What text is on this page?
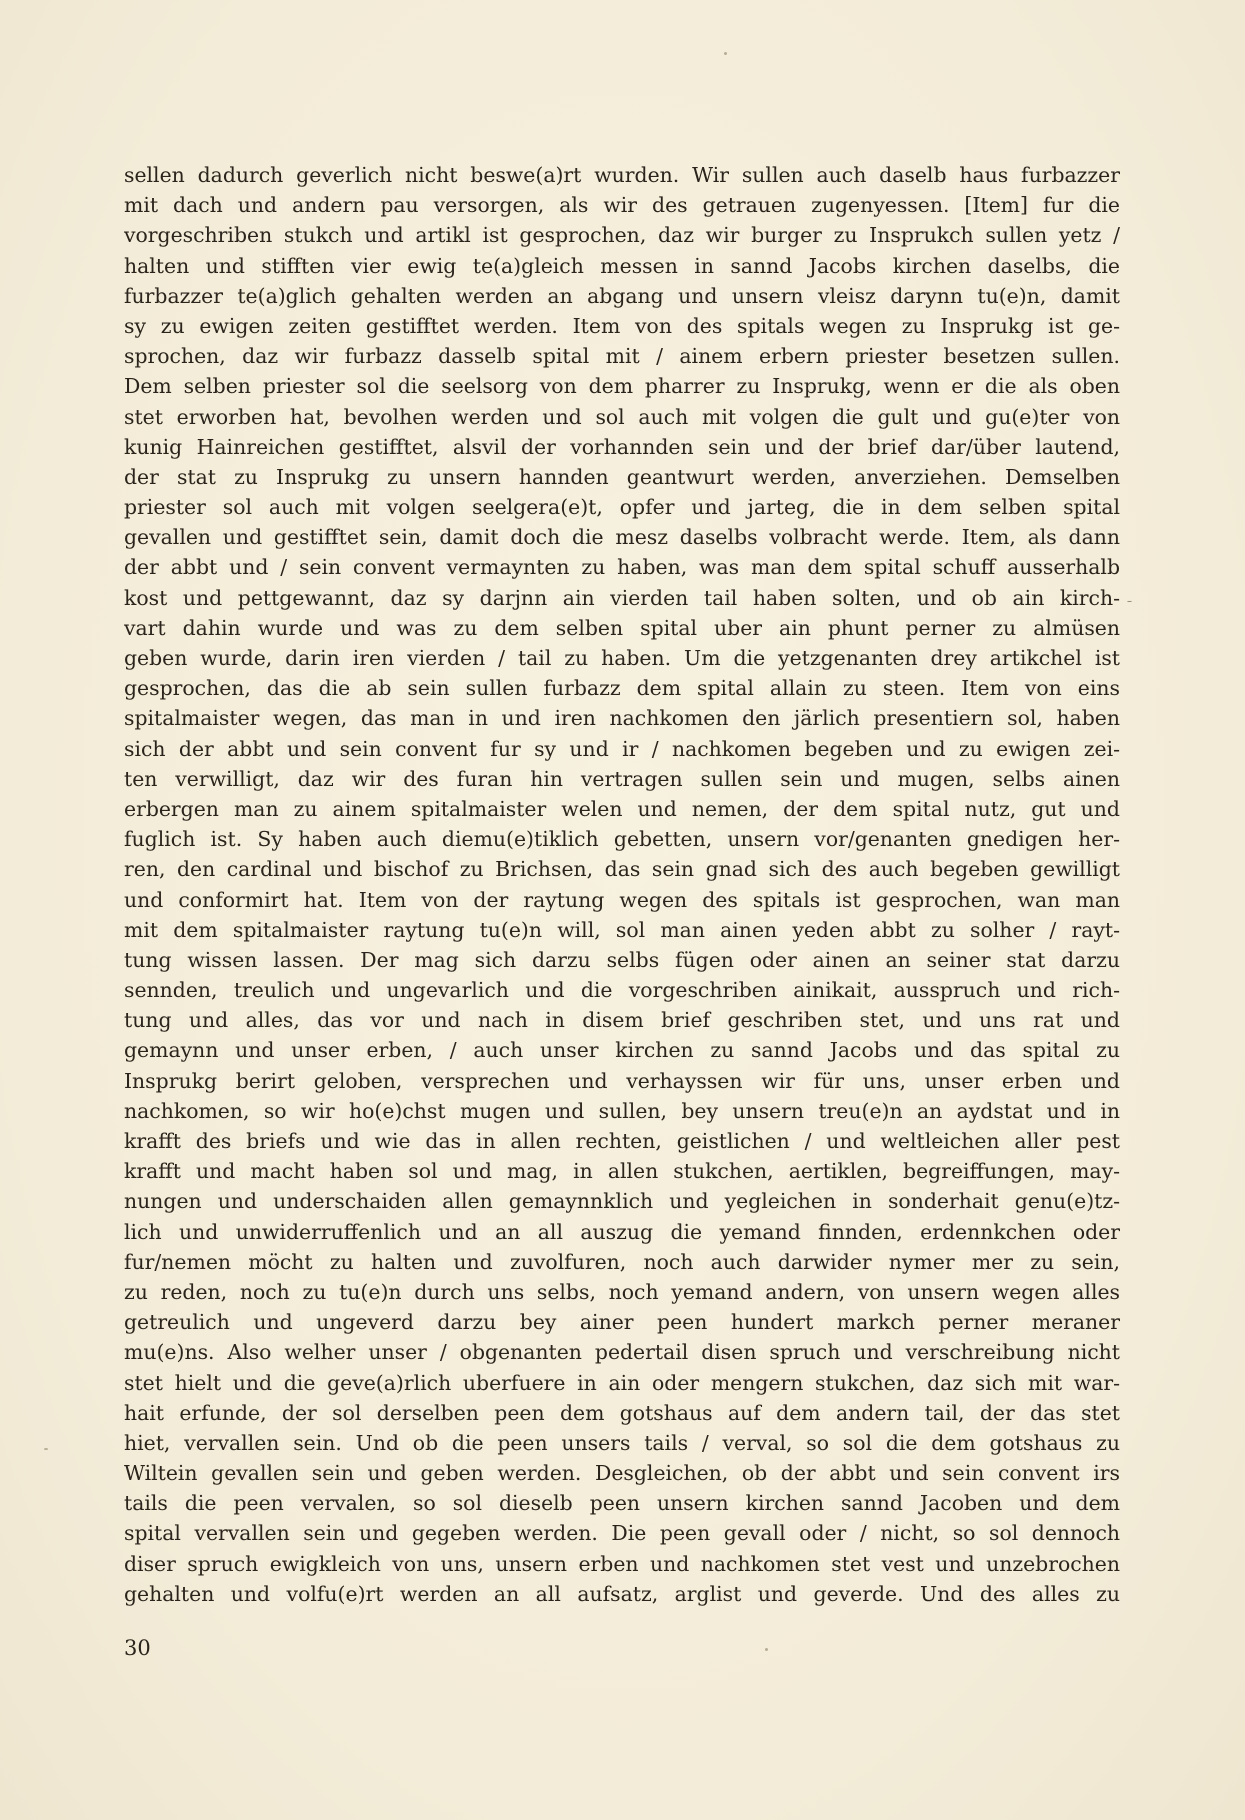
ˍ
sellen dadurch geverlich nicht beswe(a)rt wurden. Wir sullen auch daselb haus furbazzer
mit dach und andern pau versorgen, als wir des getrauen zugenyessen. [Item] fur die
vorgeschriben stukch und artikl ist gesprochen, daz wir burger zu Insprukch sullen yetz /
halten und stifften vier ewig te(a)gleich messen in sannd Jacobs kirchen daselbs, die
furbazzer te(a)glich gehalten werden an abgang und unsern vleisz darynn tu(e)n, damit
sy zu ewigen zeiten gestifftet werden. Item von des spitals wegen zu Insprukg ist ge-
sprochen, daz wir furbazz dasselb spital mit / ainem erbern priester besetzen sullen.
Dem selben priester sol die seelsorg von dem pharrer zu Insprukg, wenn er die als oben
stet erworben hat, bevolhen werden und sol auch mit volgen die gult und gu(e)ter von
kunig Hainreichen gestifftet, alsvil der vorhannden sein und der brief dar/über lautend,
der stat zu Insprukg zu unsern hannden geantwurt werden, anverziehen. Demselben
priester sol auch mit volgen seelgera(e)t, opfer und jarteg, die in dem selben spital
gevallen und gestifftet sein, damit doch die mesz daselbs volbracht werde. Item, als dann
der abbt und / sein convent vermaynten zu haben, was man dem spital schuff ausserhalb
kost und pettgewannt, daz sy darjnn ain vierden tail haben solten, und ob ain kirch-
vart dahin wurde und was zu dem selben spital uber ain phunt perner zu almüsen
geben wurde, darin iren vierden / tail zu haben. Um die yetzgenanten drey artikchel ist
gesprochen, das die ab sein sullen furbazz dem spital allain zu steen. Item von eins
spitalmaister wegen, das man in und iren nachkomen den järlich presentiern sol, haben
sich der abbt und sein convent fur sy und ir / nachkomen begeben und zu ewigen zei-
ten verwilligt, daz wir des furan hin vertragen sullen sein und mugen, selbs ainen
erbergen man zu ainem spitalmaister welen und nemen, der dem spital nutz, gut und
fuglich ist. Sy haben auch diemu(e)tiklich gebetten, unsern vor/genanten gnedigen her-
ren, den cardinal und bischof zu Brichsen, das sein gnad sich des auch begeben gewilligt
und conformirt hat. Item von der raytung wegen des spitals ist gesprochen, wan man
mit dem spitalmaister raytung tu(e)n will, sol man ainen yeden abbt zu solher / rayt-
tung wissen lassen. Der mag sich darzu selbs fügen oder ainen an seiner stat darzu
sennden, treulich und ungevarlich und die vorgeschriben ainikait, ausspruch und rich-
tung und alles, das vor und nach in disem brief geschriben stet, und uns rat und
gemaynn und unser erben, / auch unser kirchen zu sannd Jacobs und das spital zu
Insprukg berirt geloben, versprechen und verhayssen wir für uns, unser erben und
nachkomen, so wir ho(e)chst mugen und sullen, bey unsern treu(e)n an aydstat und in
krafft des briefs und wie das in allen rechten, geistlichen / und weltleichen aller pest
krafft und macht haben sol und mag, in allen stukchen, aertiklen, begreiffungen, may-
nungen und underschaiden allen gemaynnklich und yegleichen in sonderhait genu(e)tz-
lich und unwiderruffenlich und an all auszug die yemand finnden, erdennkchen oder
fur/nemen möcht zu halten und zuvolfuren, noch auch darwider nymer mer zu sein,
zu reden, noch zu tu(e)n durch uns selbs, noch yemand andern, von unsern wegen alles
getreulich und ungeverd darzu bey ainer peen hundert markch perner meraner
mu(e)ns. Also welher unser / obgenanten pedertail disen spruch und verschreibung nicht
stet hielt und die geve(a)rlich uberfuere in ain oder mengern stukchen, daz sich mit war-
hait erfunde, der sol derselben peen dem gotshaus auf dem andern tail, der das stet
hiet, vervallen sein. Und ob die peen unsers tails / verval, so sol die dem gotshaus zu
Wiltein gevallen sein und geben werden. Desgleichen, ob der abbt und sein convent irs
tails die peen vervalen, so sol dieselb peen unsern kirchen sannd Jacoben und dem
spital vervallen sein und gegeben werden. Die peen gevall oder / nicht, so sol dennoch
diser spruch ewigkleich von uns, unsern erben und nachkomen stet vest und unzebrochen
gehalten und volfu(e)rt werden an all aufsatz, arglist und geverde. Und des alles zu
30
